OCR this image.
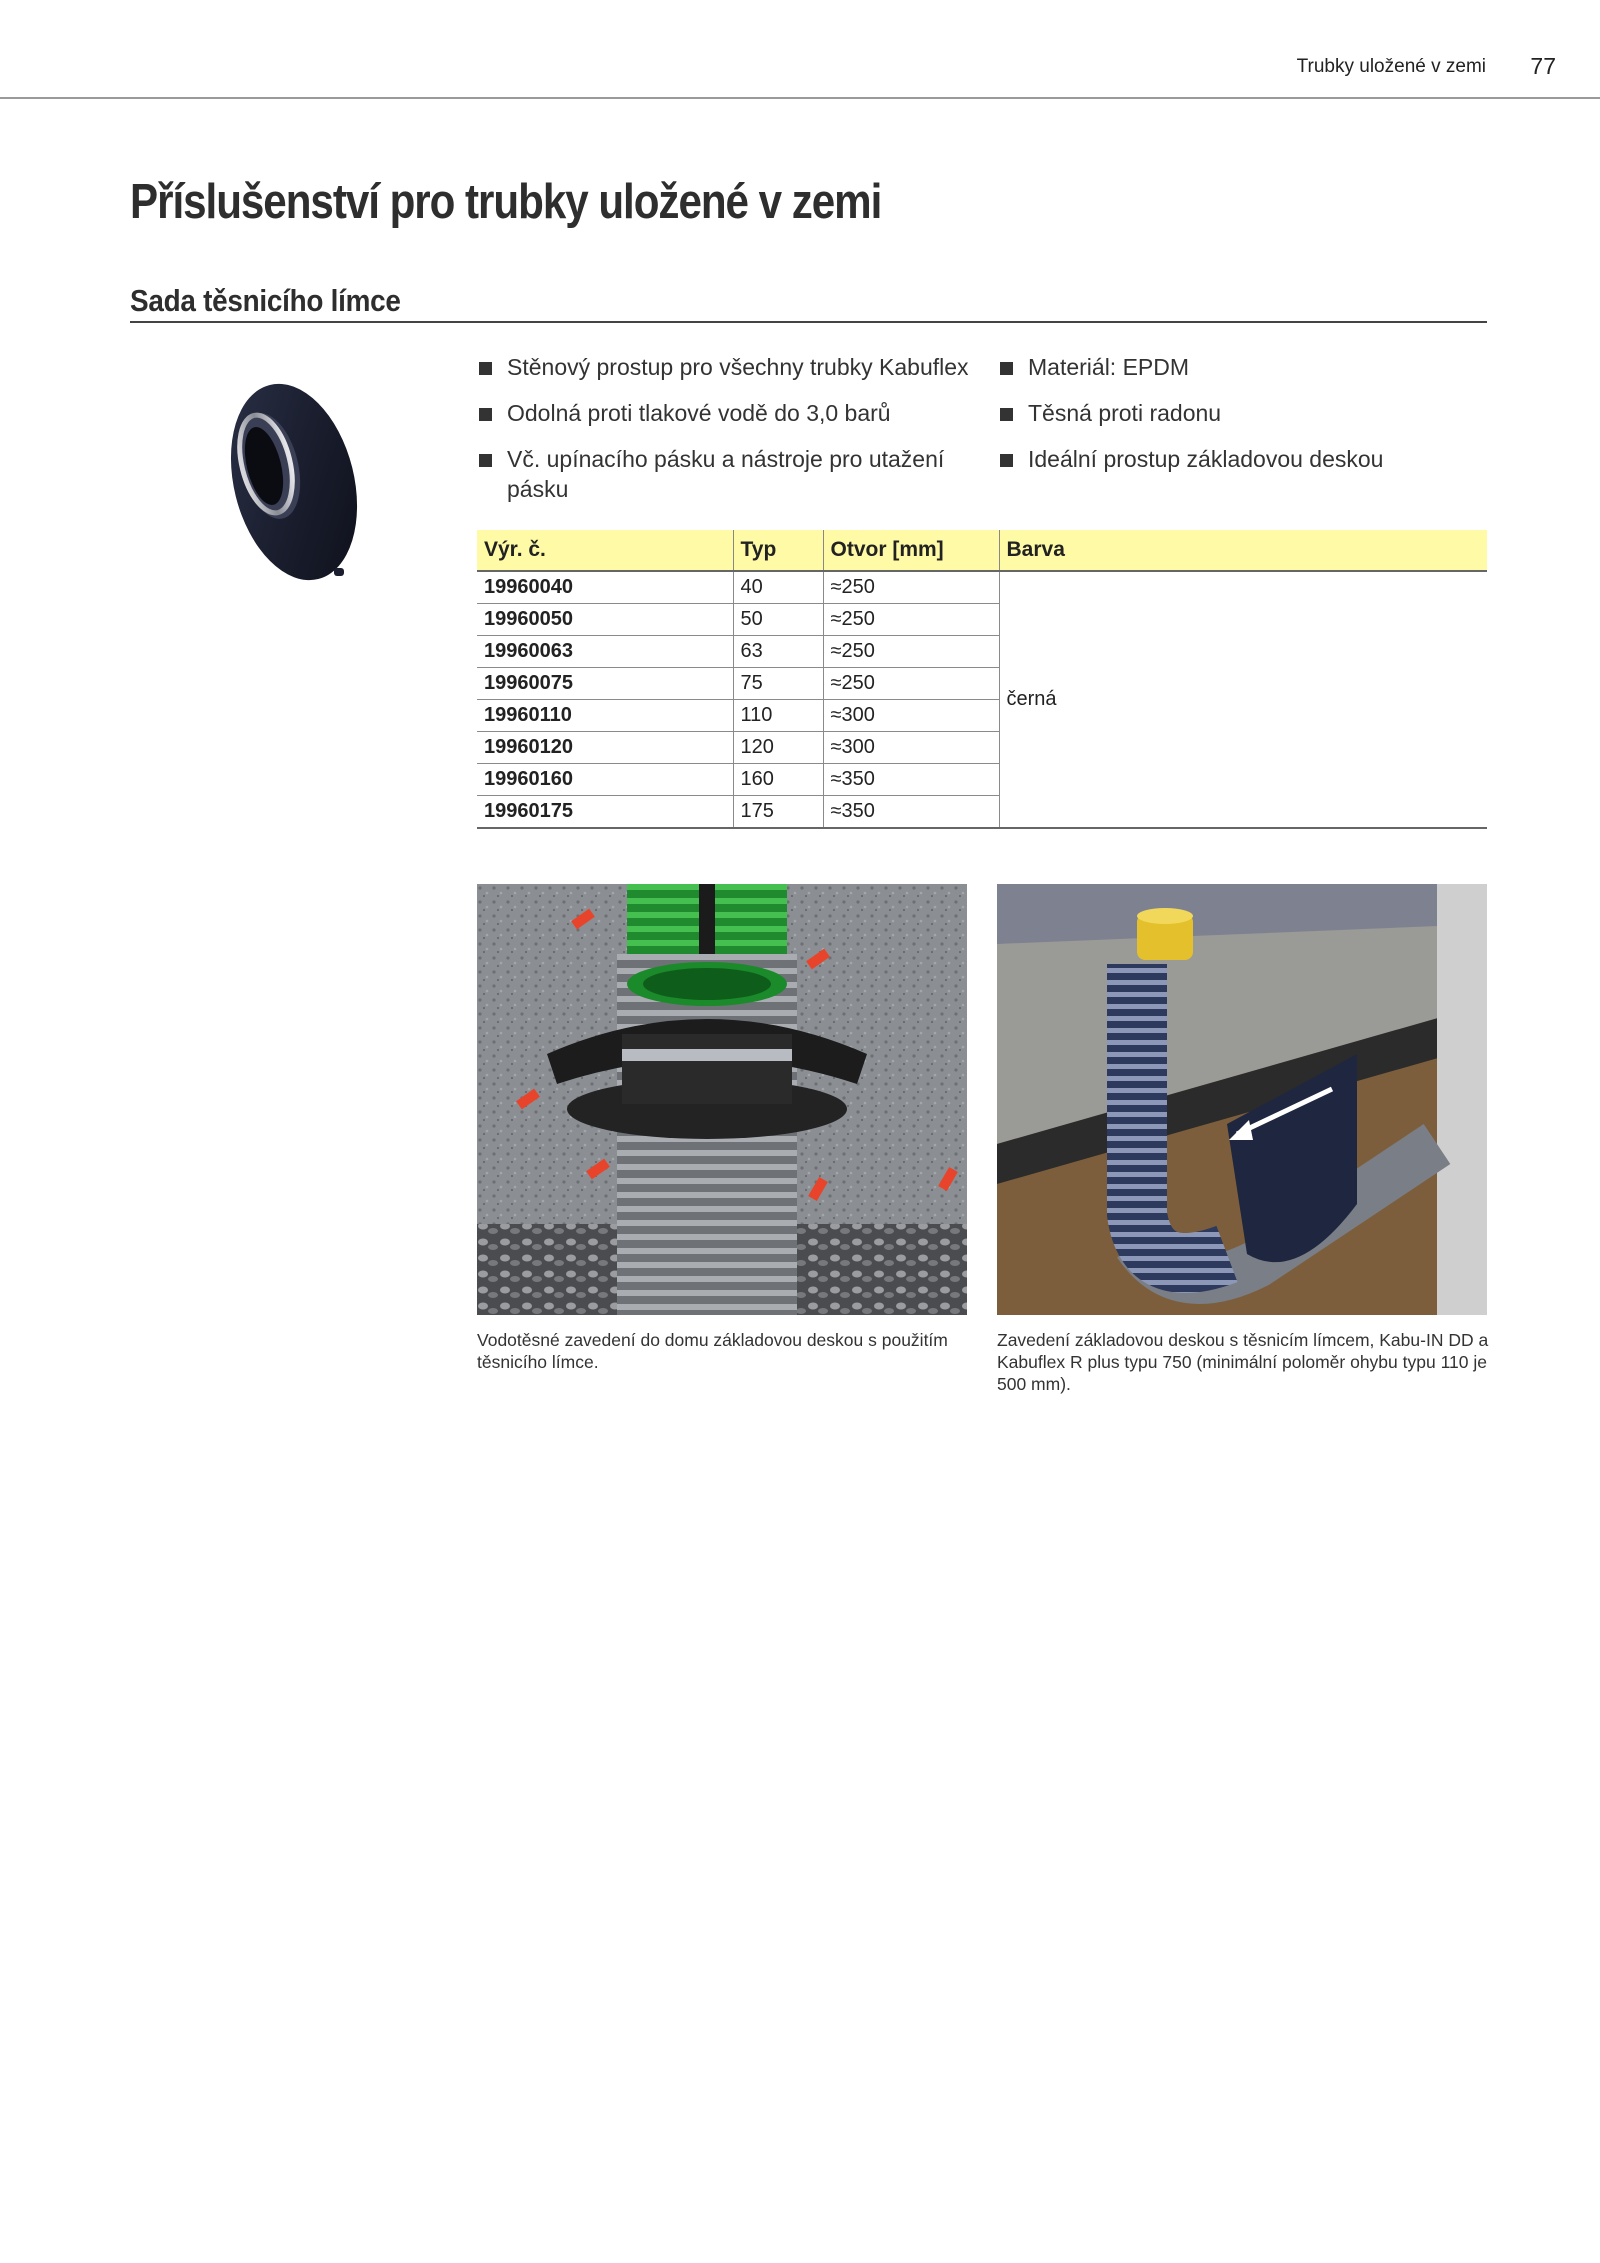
Trubky uložené v zemi 77
Příslušenství pro trubky uložené v zemi
Sada těsnicího límce
Stěnový prostup pro všechny trubky Kabuflex
Odolná proti tlakové vodě do 3,0 barů
Vč. upínacího pásku a nástroje pro utažení pásku
Materiál: EPDM
Těsná proti radonu
Ideální prostup základovou deskou
Výr. č.	Typ	Otvor [mm]	Barva
19960040	40	≈250	černá
19960050	50	≈250	
19960063	63	≈250	
19960075	75	≈250	
19960110	110	≈300	
19960120	120	≈300	
19960160	160	≈350	
19960175	175	≈350	
Vodotěsné zavedení do domu základovou deskou s použitím těsnicího límce.
Zavedení základovou deskou s těsnicím límcem, Kabu-IN DD a Kabuflex R plus typu 750 (minimální poloměr ohybu typu 110 je 500 mm).
